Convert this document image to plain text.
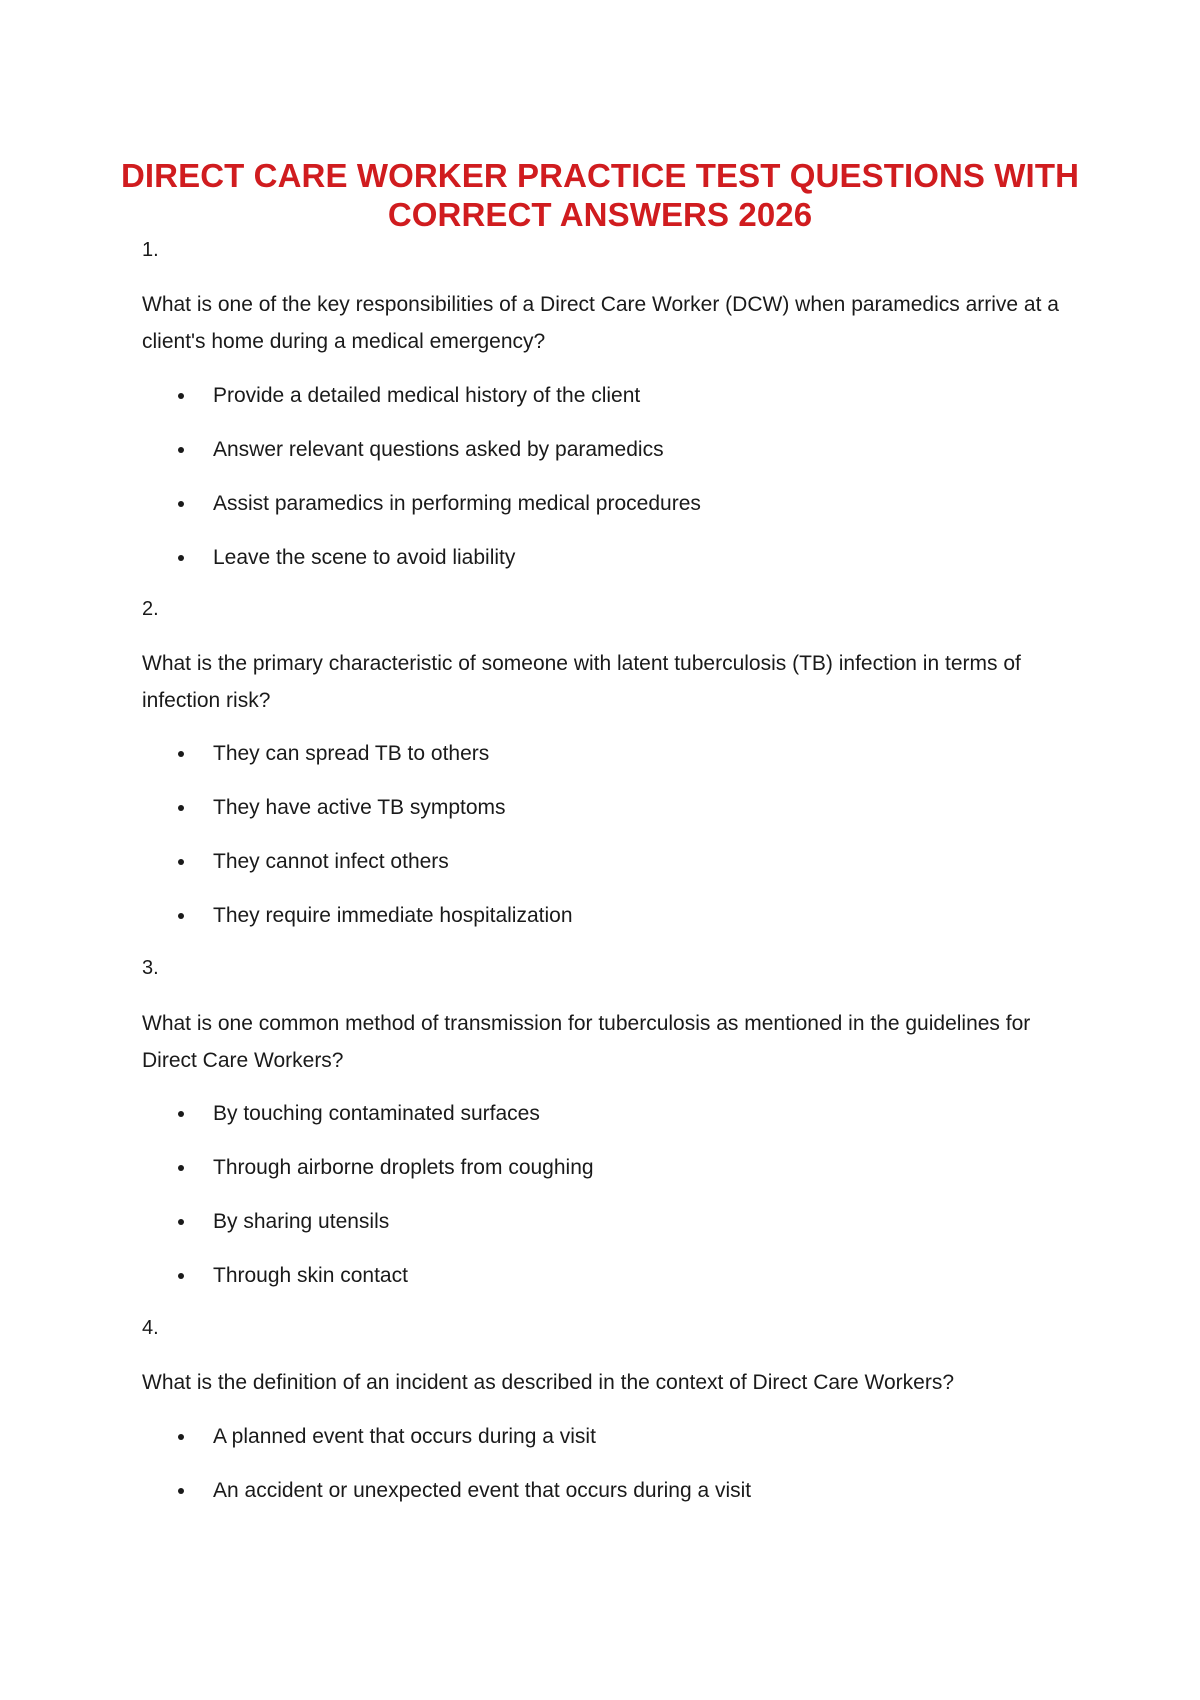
DIRECT CARE WORKER PRACTICE TEST QUESTIONS WITH CORRECT ANSWERS 2026
1.

What is one of the key responsibilities of a Direct Care Worker (DCW) when paramedics arrive at a client's home during a medical emergency?

Provide a detailed medical history of the client
Answer relevant questions asked by paramedics
Assist paramedics in performing medical procedures
Leave the scene to avoid liability
2.

What is the primary characteristic of someone with latent tuberculosis (TB) infection in terms of infection risk?

They can spread TB to others
They have active TB symptoms
They cannot infect others
They require immediate hospitalization
3.

What is one common method of transmission for tuberculosis as mentioned in the guidelines for Direct Care Workers?

By touching contaminated surfaces
Through airborne droplets from coughing
By sharing utensils
Through skin contact
4.

What is the definition of an incident as described in the context of Direct Care Workers?

A planned event that occurs during a visit
An accident or unexpected event that occurs during a visit
